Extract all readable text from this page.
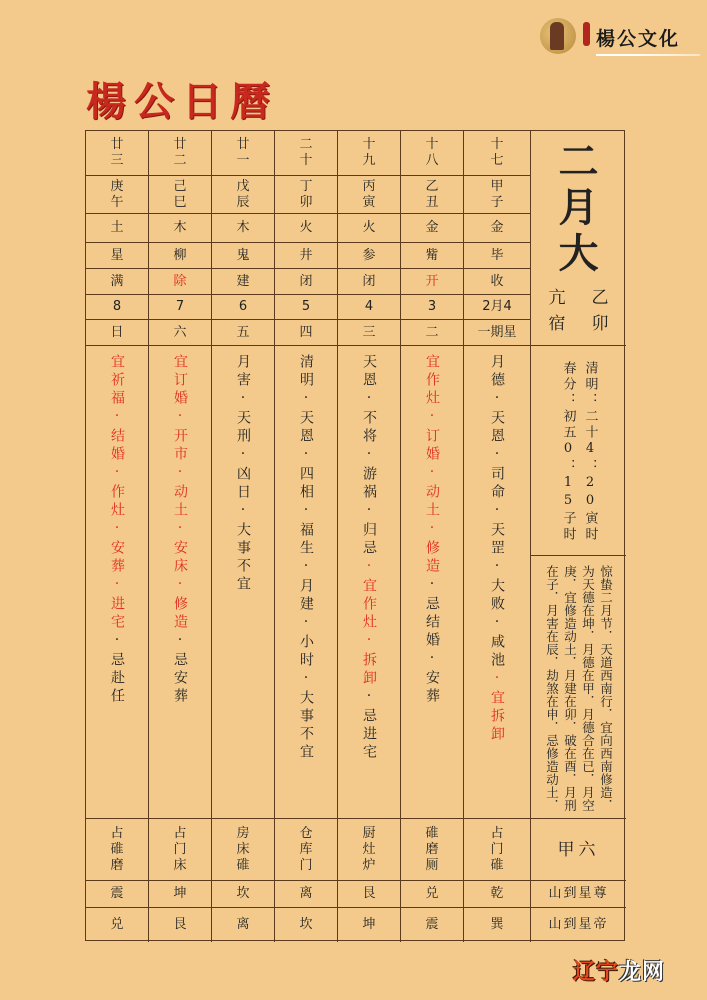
楊公文化
楊公日曆
二
月
大
亢
宿
乙
卯
春分：初五0：15子时 清明：二十4：20寅时
惊蛰二月节．天道西南行．宜向西南修造．为天德在坤．月德在甲．月德合在已．月空庚．宜修造动土．月建在卯．破在酉．月刑在子．月害在辰．劫煞在申．忌修造动土．
甲六
山到星尊
山到星帝
廿
三
庚
午
土
星
满
8
日
宜祈福·结婚·作灶·安葬·进宅·忌赴任
占
碓
磨
震
兑
廿
二
己
巳
木
柳
除
7
六
宜订婚·开市·动土·安床·修造·忌安葬
占
门
床
坤
艮
廿
一
戊
辰
木
鬼
建
6
五
月害·天刑·凶日·大事不宜
房
床
碓
坎
离
二
十
丁
卯
火
井
闭
5
四
清明·天恩·四相·福生·月建·小时·大事不宜
仓
库
门
离
坎
十
九
丙
寅
火
参
闭
4
三
天恩·不将·游祸·归忌·宜作灶·拆卸·忌进宅
厨
灶
炉
艮
坤
十
八
乙
丑
金
觜
开
3
二
宜作灶·订婚·动土·修造·忌结婚·安葬
碓
磨
厕
兑
震
十
七
甲
子
金
毕
收
2月4
一期星
月德·天恩·司命·天罡·大败·咸池·宜拆卸
占
门
碓
乾
巽
辽宁龙网
